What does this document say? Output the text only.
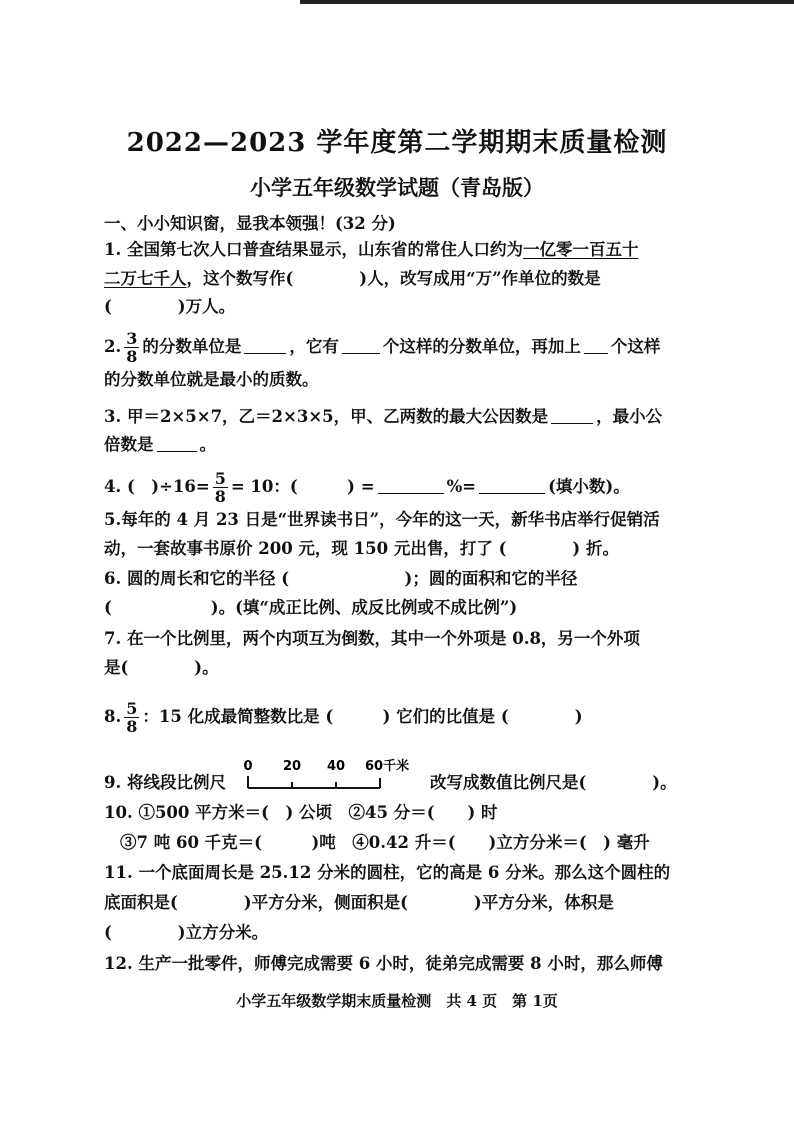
2022—2023 学年度第二学期期末质量检测
小学五年级数学试题（青岛版）
一、小小知识窗，显我本领强！(32 分)
1. 全国第七次人口普查结果显示，山东省的常住人口约为一亿零一百五十
二万七千人，这个数写作(　　　　)人，改写成用“万”作单位的数是
(　　　　)万人。
2. $\frac{3}{8}$ 的分数单位是	，它有	个这样的分数单位，再加上 个这样
的分数单位就是最小的质数。
3. 甲＝2×5×7，乙＝2×3×5，甲、乙两数的最大公因数是	，最小公
倍数是	。
4. (　)$\div 16= \frac{5}{8} = 10$：(　　　) =	%=	(填小数)。
5.每年的 4 月 23 日是“世界读书日”，今年的这一天，新华书店举行促销活
动，一套故事书原价 200 元，现 150 元出售，打了 (　　　　) 折。
6. 圆的周长和它的半径 (　　　　　　　)；圆的面积和它的半径
(　　　　　　)。(填“成正比例、成反比例或不成比例”)
7. 在一个比例里，两个内项互为倒数，其中一个外项是 0.8，另一个外项
是(　　　　)。
8. $\frac{5}{8}$ ：15 化成最简整数比是 (　　　) 它们的比值是 (　　　　)
9. 将线段比例尺
0 20 40 60千米
改写成数值比例尺是(　　　　)。
10. ①500 平方米＝(　) 公顷　②45 分＝(　　) 时
③7 吨 60 千克＝(　　　)吨　④0.42 升＝(　　)立方分米＝(　) 毫升
11. 一个底面周长是 25.12 分米的圆柱，它的高是 6 分米。那么这个圆柱的
底面积是(　　　　)平方分米，侧面积是(　　　　)平方分米，体积是
(　　　　)立方分米。
12. 生产一批零件，师傅完成需要 6 小时，徒弟完成需要 8 小时，那么师傅
小学五年级数学期末质量检测　共 4 页　第 1页
